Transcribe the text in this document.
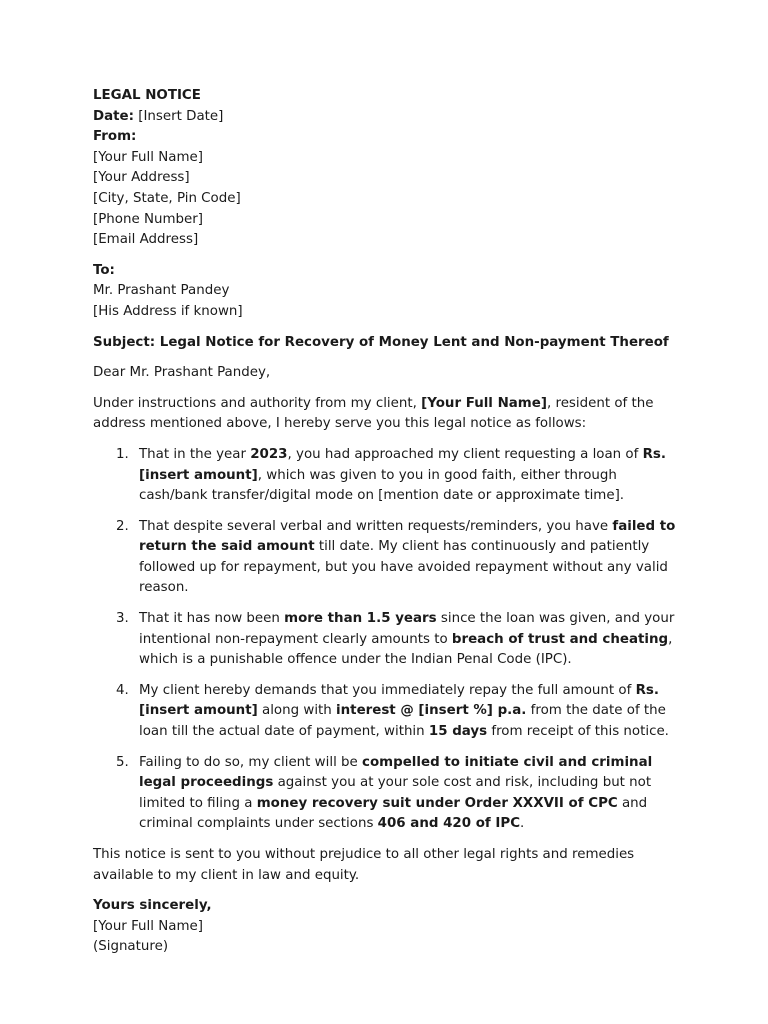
LEGAL NOTICE
Date: [Insert Date]
From:
[Your Full Name]
[Your Address]
[City, State, Pin Code]
[Phone Number]
[Email Address]
To:
Mr. Prashant Pandey
[His Address if known]
Subject: Legal Notice for Recovery of Money Lent and Non-payment Thereof
Dear Mr. Prashant Pandey,

Under instructions and authority from my client, [Your Full Name], resident of the address mentioned above, I hereby serve you this legal notice as follows:

1. That in the year 2023, you had approached my client requesting a loan of Rs. [insert amount], which was given to you in good faith, either through cash/bank transfer/digital mode on [mention date or approximate time].
2. That despite several verbal and written requests/reminders, you have failed to return the said amount till date. My client has continuously and patiently followed up for repayment, but you have avoided repayment without any valid reason.
3. That it has now been more than 1.5 years since the loan was given, and your intentional non-repayment clearly amounts to breach of trust and cheating, which is a punishable offence under the Indian Penal Code (IPC).
4. My client hereby demands that you immediately repay the full amount of Rs. [insert amount] along with interest @ [insert %] p.a. from the date of the loan till the actual date of payment, within 15 days from receipt of this notice.
5. Failing to do so, my client will be compelled to initiate civil and criminal legal proceedings against you at your sole cost and risk, including but not limited to filing a money recovery suit under Order XXXVII of CPC and criminal complaints under sections 406 and 420 of IPC.

This notice is sent to you without prejudice to all other legal rights and remedies available to my client in law and equity.

Yours sincerely,
[Your Full Name]
(Signature)
